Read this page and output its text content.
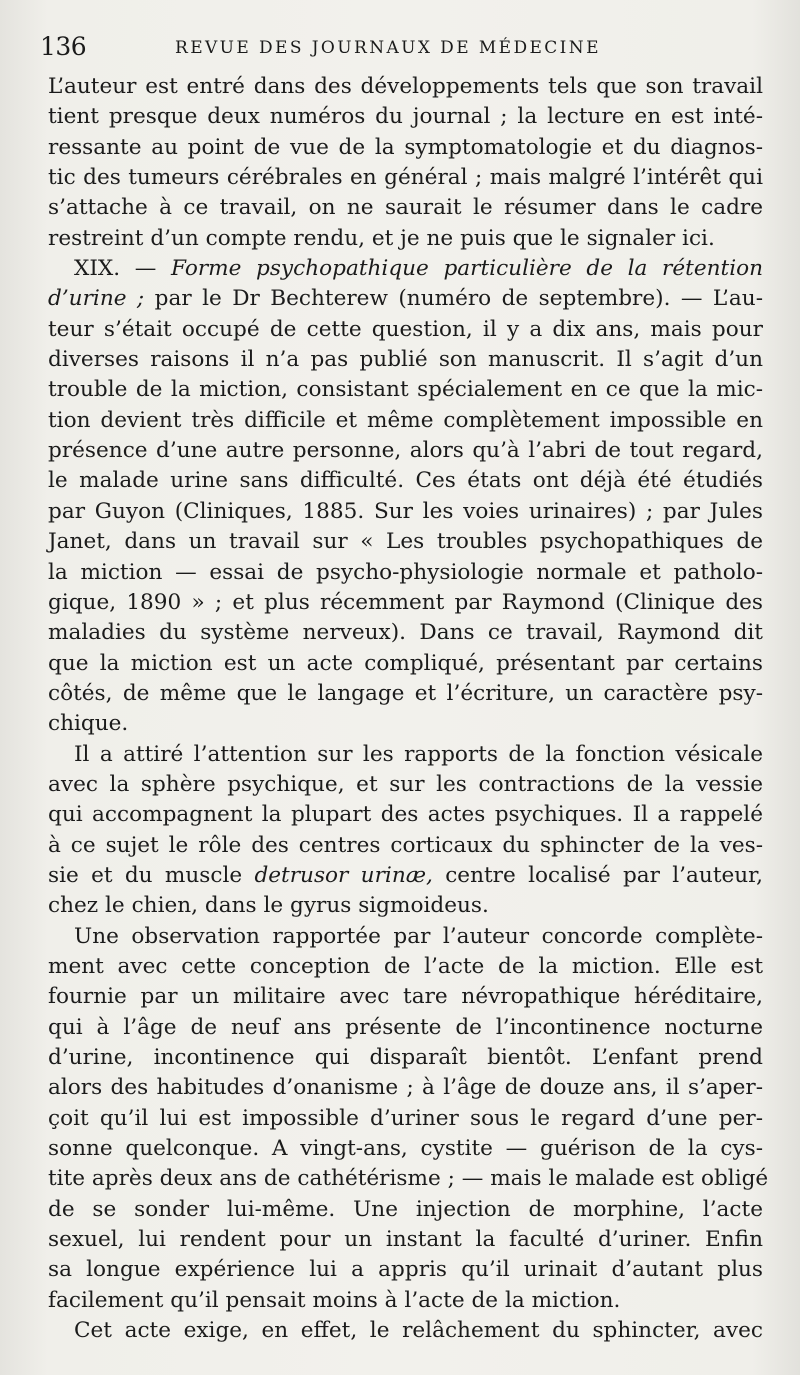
136	REVUE DES JOURNAUX DE MÉDECINE
L’auteur est entré dans des développements tels que son travail
tient presque deux numéros du journal ; la lecture en est inté-
ressante au point de vue de la symptomatologie et du diagnos-
tic des tumeurs cérébrales en général ; mais malgré l’intérêt qui
s’attache à ce travail, on ne saurait le résumer dans le cadre
restreint d’un compte rendu, et je ne puis que le signaler ici.
XIX. — Forme psychopathique particulière de la rétention
d’urine ; par le Dr Bechterew (numéro de septembre). — L’au-
teur s’était occupé de cette question, il y a dix ans, mais pour
diverses raisons il n’a pas publié son manuscrit. Il s’agit d’un
trouble de la miction, consistant spécialement en ce que la mic-
tion devient très difficile et même complètement impossible en
présence d’une autre personne, alors qu’à l’abri de tout regard,
le malade urine sans difficulté. Ces états ont déjà été étudiés
par Guyon (Cliniques, 1885. Sur les voies urinaires) ; par Jules
Janet, dans un travail sur « Les troubles psychopathiques de
la miction — essai de psycho-physiologie normale et patholo-
gique, 1890 » ; et plus récemment par Raymond (Clinique des
maladies du système nerveux). Dans ce travail, Raymond dit
que la miction est un acte compliqué, présentant par certains
côtés, de même que le langage et l’écriture, un caractère psy-
chique.
Il a attiré l’attention sur les rapports de la fonction vésicale
avec la sphère psychique, et sur les contractions de la vessie
qui accompagnent la plupart des actes psychiques. Il a rappelé
à ce sujet le rôle des centres corticaux du sphincter de la ves-
sie et du muscle detrusor urinæ, centre localisé par l’auteur,
chez le chien, dans le gyrus sigmoideus.
Une observation rapportée par l’auteur concorde complète-
ment avec cette conception de l’acte de la miction. Elle est
fournie par un militaire avec tare névropathique héréditaire,
qui à l’âge de neuf ans présente de l’incontinence nocturne
d’urine, incontinence qui disparaît bientôt. L’enfant prend
alors des habitudes d’onanisme ; à l’âge de douze ans, il s’aper-
çoit qu’il lui est impossible d’uriner sous le regard d’une per-
sonne quelconque. A vingt-ans, cystite — guérison de la cys-
tite après deux ans de cathétérisme ; — mais le malade est obligé
de se sonder lui-même. Une injection de morphine, l’acte
sexuel, lui rendent pour un instant la faculté d’uriner. Enfin
sa longue expérience lui a appris qu’il urinait d’autant plus
facilement qu’il pensait moins à l’acte de la miction.
Cet acte exige, en effet, le relâchement du sphincter, avec
